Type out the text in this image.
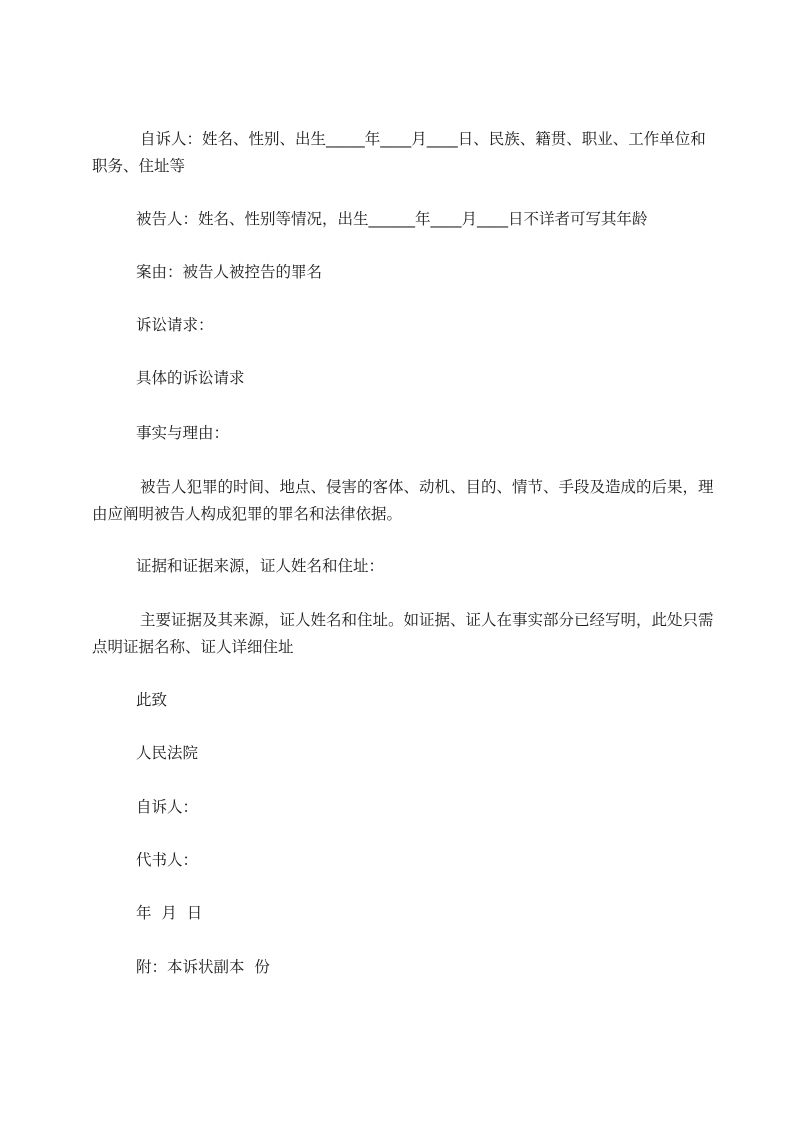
自诉人：姓名、性别、出生_____年____月____日、民族、籍贯、职业、工作单位和职务、住址等

被告人：姓名、性别等情况，出生______年____月____日不详者可写其年龄

案由：被告人被控告的罪名

诉讼请求：

具体的诉讼请求

事实与理由：

被告人犯罪的时间、地点、侵害的客体、动机、目的、情节、手段及造成的后果，理由应阐明被告人构成犯罪的罪名和法律依据。

证据和证据来源，证人姓名和住址：

主要证据及其来源，证人姓名和住址。如证据、证人在事实部分已经写明，此处只需点明证据名称、证人详细住址

此致

人民法院

自诉人：

代书人：

年  月  日

附：本诉状副本  份
